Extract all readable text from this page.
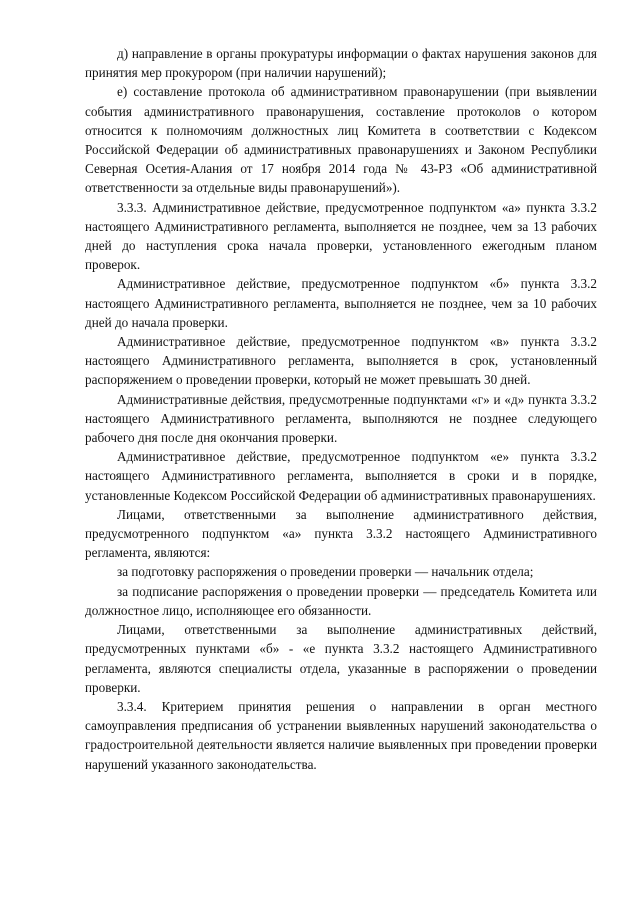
д) направление в органы прокуратуры информации о фактах нарушения законов для принятия мер прокурором (при наличии нарушений);

е) составление протокола об административном правонарушении (при выявлении события административного правонарушения, составление протоколов о котором относится к полномочиям должностных лиц Комитета в соответствии с Кодексом Российской Федерации об административных правонарушениях и Законом Республики Северная Осетия-Алания от 17 ноября 2014 года № 43-РЗ «Об административной ответственности за отдельные виды правонарушений»).

3.3.3. Административное действие, предусмотренное подпунктом «а» пункта 3.3.2 настоящего Административного регламента, выполняется не позднее, чем за 13 рабочих дней до наступления срока начала проверки, установленного ежегодным планом проверок.

Административное действие, предусмотренное подпунктом «б» пункта 3.3.2 настоящего Административного регламента, выполняется не позднее, чем за 10 рабочих дней до начала проверки.

Административное действие, предусмотренное подпунктом «в» пункта 3.3.2 настоящего Административного регламента, выполняется в срок, установленный распоряжением о проведении проверки, который не может превышать 30 дней.

Административные действия, предусмотренные подпунктами «г» и «д» пункта 3.3.2 настоящего Административного регламента, выполняются не позднее следующего рабочего дня после дня окончания проверки.

Административное действие, предусмотренное подпунктом «е» пункта 3.3.2 настоящего Административного регламента, выполняется в сроки и в порядке, установленные Кодексом Российской Федерации об административных правонарушениях.

Лицами, ответственными за выполнение административного действия, предусмотренного подпунктом «а» пункта 3.3.2 настоящего Административного регламента, являются:

за подготовку распоряжения о проведении проверки — начальник отдела;

за подписание распоряжения о проведении проверки — председатель Комитета или должностное лицо, исполняющее его обязанности.

Лицами, ответственными за выполнение административных действий, предусмотренных пунктами «б» - «е пункта 3.3.2 настоящего Административного регламента, являются специалисты отдела, указанные в распоряжении о проведении проверки.

3.3.4. Критерием принятия решения о направлении в орган местного самоуправления предписания об устранении выявленных нарушений законодательства о градостроительной деятельности является наличие выявленных при проведении проверки нарушений указанного законодательства.
